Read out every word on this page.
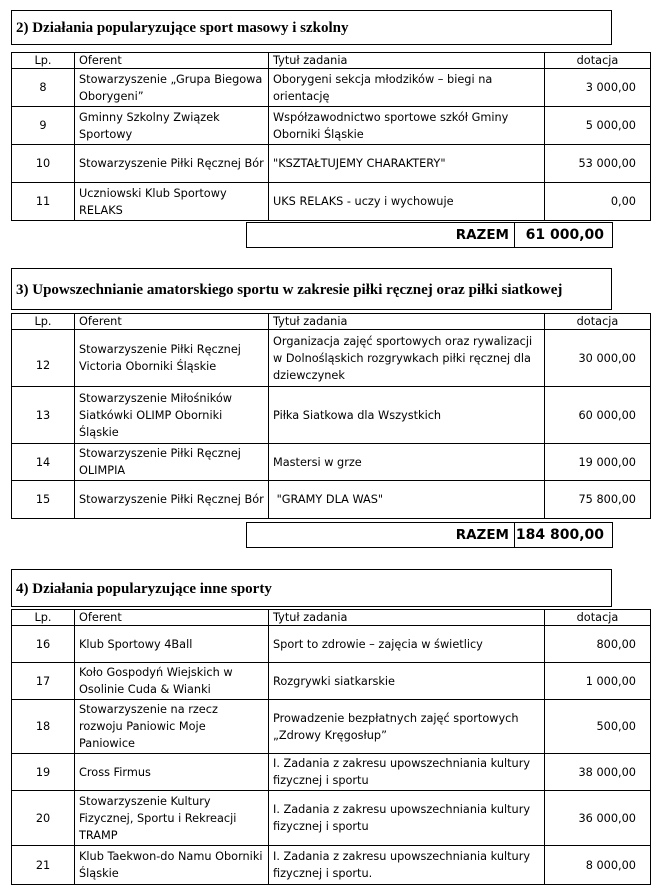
2) Działania popularyzujące sport masowy i szkolny
Lp.	Oferent	Tytuł zadania	dotacja
8	Stowarzyszenie „Grupa Biegowa Oborygeni”	Oborygeni sekcja młodzików – biegi na orientację	3 000,00
9	Gminny Szkolny Związek Sportowy	Współzawodnictwo sportowe szkół Gminy Oborniki Śląskie	5 000,00
10	Stowarzyszenie Piłki Ręcznej Bór	"KSZTAŁTUJEMY CHARAKTERY"	53 000,00
11	Uczniowski Klub Sportowy RELAKS	UKS RELAKS - uczy i wychowuje	0,00
RAZEM	61 000,00
3) Upowszechnianie amatorskiego sportu w zakresie piłki ręcznej oraz piłki siatkowej
Lp.	Oferent	Tytuł zadania	dotacja
12	Stowarzyszenie Piłki Ręcznej Victoria Oborniki Śląskie	Organizacja zajęć sportowych oraz rywalizacji w Dolnośląskich rozgrywkach piłki ręcznej dla dziewczynek	30 000,00
13	Stowarzyszenie Miłośników Siatkówki OLIMP Oborniki Śląskie	Piłka Siatkowa dla Wszystkich	60 000,00
14	Stowarzyszenie Piłki Ręcznej OLIMPIA	Mastersi w grze	19 000,00
15	Stowarzyszenie Piłki Ręcznej Bór	"GRAMY DLA WAS"	75 800,00
RAZEM 184 800,00
4) Działania popularyzujące inne sporty
Lp.	Oferent	Tytuł zadania	dotacja
16	Klub Sportowy 4Ball	Sport to zdrowie – zajęcia w świetlicy	800,00
17	Koło Gospodyń Wiejskich w Osolinie Cuda & Wianki	Rozgrywki siatkarskie	1 000,00
18	Stowarzyszenie na rzecz rozwoju Paniowic Moje Paniowice	Prowadzenie bezpłatnych zajęć sportowych „Zdrowy Kręgosłup”	500,00
19	Cross Firmus	I. Zadania z zakresu upowszechniania kultury fizycznej i sportu	38 000,00
20	Stowarzyszenie Kultury Fizycznej, Sportu i Rekreacji TRAMP	I. Zadania z zakresu upowszechniania kultury fizycznej i sportu	36 000,00
21	Klub Taekwon-do Namu Oborniki Śląskie	I. Zadania z zakresu upowszechniania kultury fizycznej i sportu.	8 000,00
